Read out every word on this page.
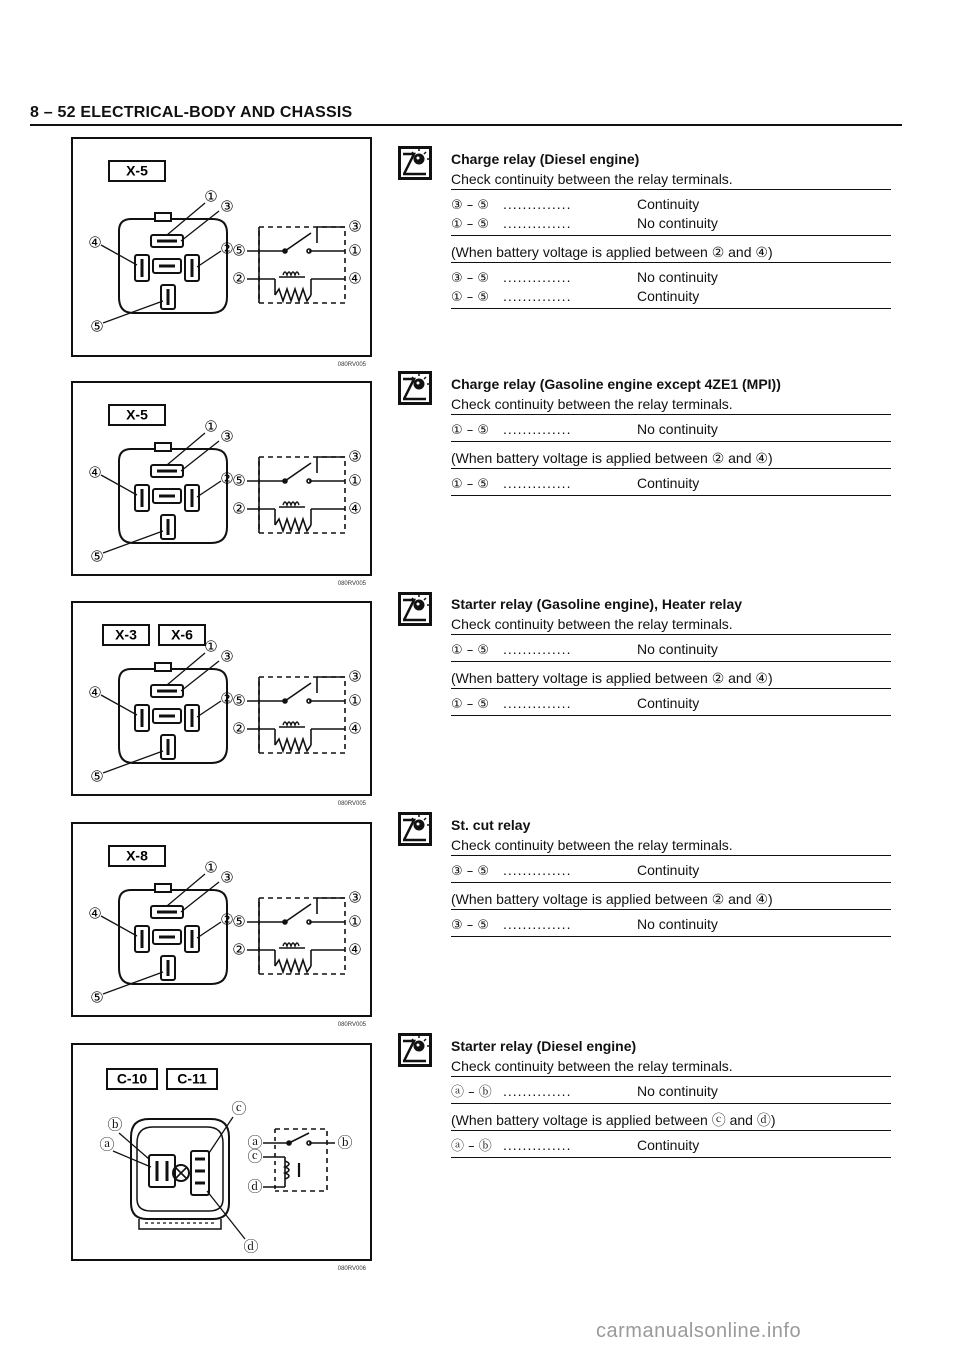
8 – 52 ELECTRICAL-BODY AND CHASSIS
X-5
①
③
④	②
⑤
③
⑤	①
②	④
080RV005
X-5
①
③
④	②
⑤
③
⑤	①
②	④
080RV005
X-3 X-6
①
③
④	②
⑤
③
⑤	①
②	④
080RV005
X-8
①
③
④	②
⑤
③
⑤	①
②	④
080RV005
C-10 C-11
ⓑ
ⓐ
ⓒ
ⓓ
ⓐ	ⓑ
ⓒ
ⓓ
080RV006
Charge relay (Diesel engine)
Check continuity between the relay terminals.
③ – ⑤ ..............	Continuity
① – ⑤ ..............	No continuity
(When battery voltage is applied between ② and ④)
③ – ⑤ ..............	No continuity
① – ⑤ ..............	Continuity
Charge relay (Gasoline engine except 4ZE1 (MPI))
Check continuity between the relay terminals.
① – ⑤ ..............	No continuity
(When battery voltage is applied between ② and ④)
① – ⑤ ..............	Continuity
Starter relay (Gasoline engine), Heater relay
Check continuity between the relay terminals.
① – ⑤ ..............	No continuity
(When battery voltage is applied between ② and ④)
① – ⑤ ..............	Continuity
St. cut relay
Check continuity between the relay terminals.
③ – ⑤ ..............	Continuity
(When battery voltage is applied between ② and ④)
③ – ⑤ ..............	No continuity
Starter relay (Diesel engine)
Check continuity between the relay terminals.
ⓐ – ⓑ ..............	No continuity
(When battery voltage is applied between ⓒ and ⓓ)
ⓐ – ⓑ ..............	Continuity
carmanualsonline.info
